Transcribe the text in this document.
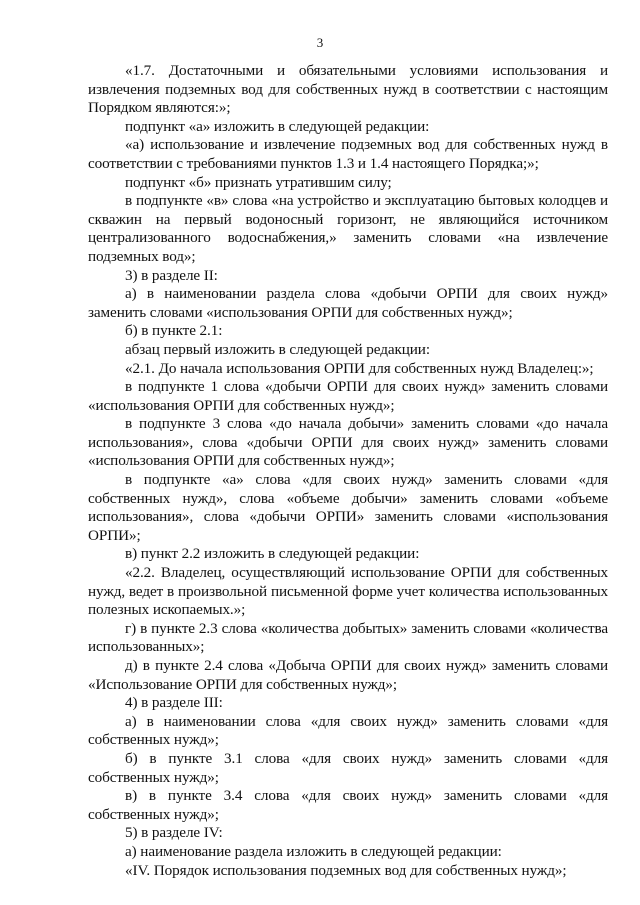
3

«1.7. Достаточными и обязательными условиями использования и извлечения подземных вод для собственных нужд в соответствии с настоящим Порядком являются:»;

подпункт «а» изложить в следующей редакции:

«а) использование и извлечение подземных вод для собственных нужд в соответствии с требованиями пунктов 1.3 и 1.4 настоящего Порядка;»;

подпункт «б» признать утратившим силу;

в подпункте «в» слова «на устройство и эксплуатацию бытовых колодцев и скважин на первый водоносный горизонт, не являющийся источником централизованного водоснабжения,» заменить словами «на извлечение подземных вод»;

3) в разделе II:

а) в наименовании раздела слова «добычи ОРПИ для своих нужд» заменить словами «использования ОРПИ для собственных нужд»;

б) в пункте 2.1:

абзац первый изложить в следующей редакции:

«2.1. До начала использования ОРПИ для собственных нужд Владелец:»;

в подпункте 1 слова «добычи ОРПИ для своих нужд» заменить словами «использования ОРПИ для собственных нужд»;

в подпункте 3 слова «до начала добычи» заменить словами «до начала использования», слова «добычи ОРПИ для своих нужд» заменить словами «использования ОРПИ для собственных нужд»;

в подпункте «а» слова «для своих нужд» заменить словами «для собственных нужд», слова «объеме добычи» заменить словами «объеме использования», слова «добычи ОРПИ» заменить словами «использования ОРПИ»;

в) пункт 2.2 изложить в следующей редакции:

«2.2. Владелец, осуществляющий использование ОРПИ для собственных нужд, ведет в произвольной письменной форме учет количества использованных полезных ископаемых.»;

г) в пункте 2.3 слова «количества добытых» заменить словами «количества использованных»;

д) в пункте 2.4 слова «Добыча ОРПИ для своих нужд» заменить словами «Использование ОРПИ для собственных нужд»;

4) в разделе III:

а) в наименовании слова «для своих нужд» заменить словами «для собственных нужд»;

б) в пункте 3.1 слова «для своих нужд» заменить словами «для собственных нужд»;

в) в пункте 3.4 слова «для своих нужд» заменить словами «для собственных нужд»;

5) в разделе IV:

а) наименование раздела изложить в следующей редакции:

«IV. Порядок использования подземных вод для собственных нужд»;
